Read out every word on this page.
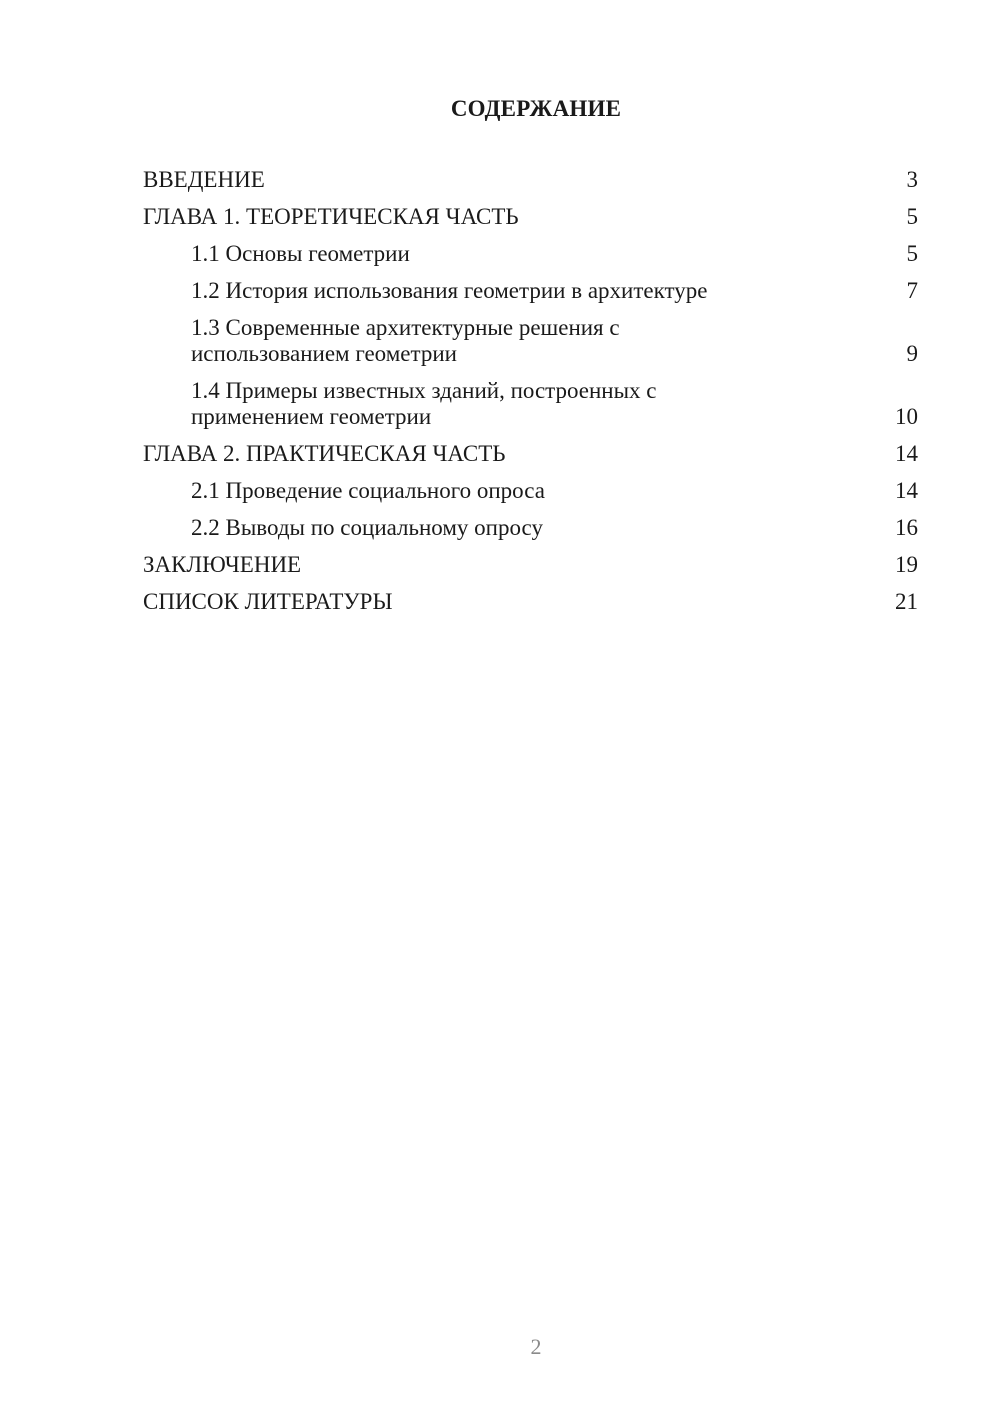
СОДЕРЖАНИЕ
ВВЕДЕНИЕ	3
ГЛАВА 1. ТЕОРЕТИЧЕСКАЯ ЧАСТЬ	5
1.1 Основы геометрии	5
1.2 История использования геометрии в архитектуре	7
1.3 Современные архитектурные решения с
использованием геометрии	9
1.4 Примеры известных зданий, построенных с
применением геометрии	10
ГЛАВА 2. ПРАКТИЧЕСКАЯ ЧАСТЬ	14
2.1 Проведение социального опроса	14
2.2 Выводы по социальному опросу	16
ЗАКЛЮЧЕНИЕ	19
СПИСОК ЛИТЕРАТУРЫ	21
2
